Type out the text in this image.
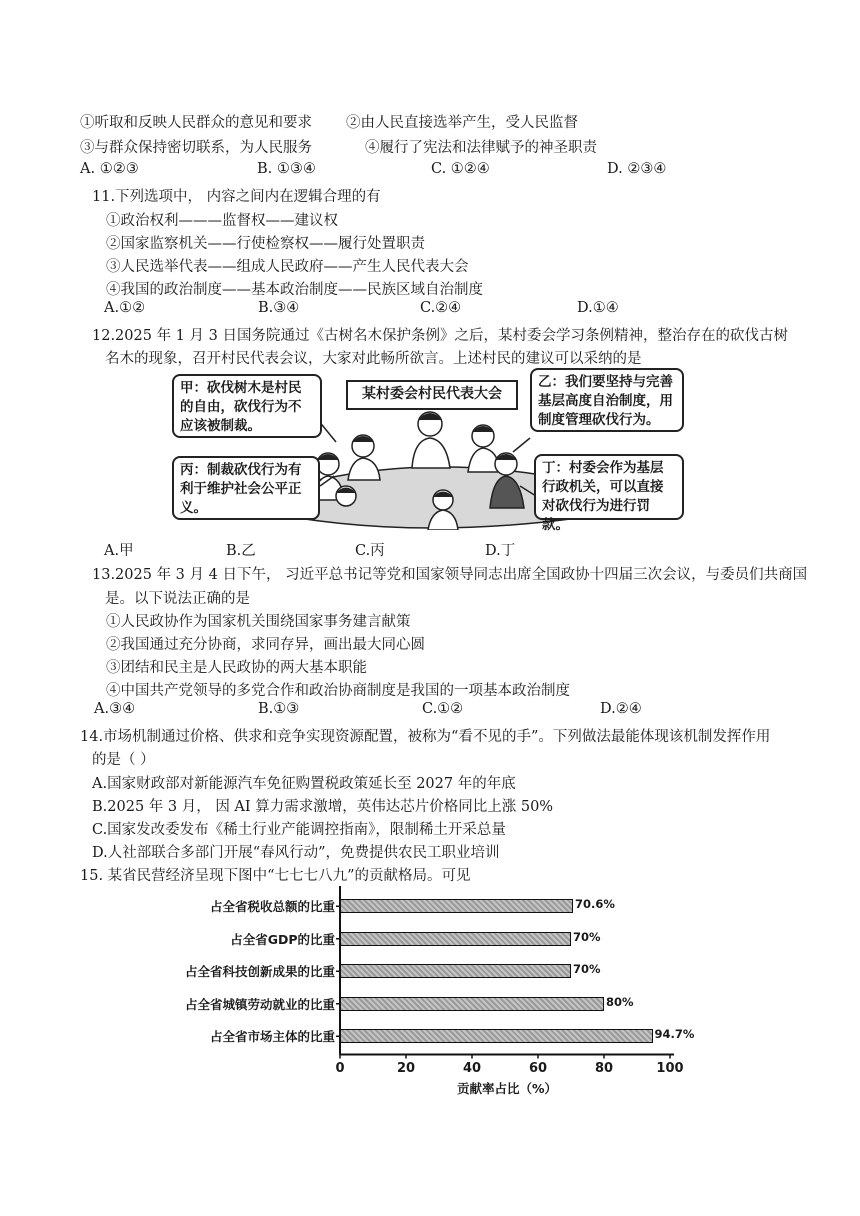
①听取和反映人民群众的意见和要求 ②由人民直接选举产生，受人民监督
③与群众保持密切联系，为人民服务	④履行了宪法和法律赋予的神圣职责
A. ①②③	B. ①③④	C. ①②④	D. ②③④
11.下列选项中， 内容之间内在逻辑合理的有
①政治权利———监督权——建议权
②国家监察机关——行使检察权——履行处置职责
③人民选举代表——组成人民政府——产生人民代表大会
④我国的政治制度——基本政治制度——民族区域自治制度
A.①②	B.③④	C.②④	D.①④
12.2025 年 1 月 3 日国务院通过《古树名木保护条例》之后，某村委会学习条例精神，整治存在的砍伐古树
名木的现象，召开村民代表会议，大家对此畅所欲言。上述村民的建议可以采纳的是
某村委会村民代表大会
甲：砍伐树木是村民的自由，砍伐行为不应该被制裁。
乙：我们要坚持与完善基层高度自治制度，用制度管理砍伐行为。
丙：制裁砍伐行为有利于维护社会公平正义。
丁：村委会作为基层行政机关，可以直接对砍伐行为进行罚款。
A.甲	B.乙	C.丙	D.丁
13.2025 年 3 月 4 日下午， 习近平总书记等党和国家领导同志出席全国政协十四届三次会议，与委员们共商国
是。以下说法正确的是
①人民政协作为国家机关围绕国家事务建言献策
②我国通过充分协商，求同存异，画出最大同心圆
③团结和民主是人民政协的两大基本职能
④中国共产党领导的多党合作和政治协商制度是我国的一项基本政治制度
A.③④	B.①③	C.①②	D.②④
14.市场机制通过价格、供求和竞争实现资源配置，被称为“看不见的手”。下列做法最能体现该机制发挥作用
的是（ ）
A.国家财政部对新能源汽车免征购置税政策延长至 2027 年的年底
B.2025 年 3 月， 因 AI 算力需求激增，英伟达芯片价格同比上涨 50%
C.国家发改委发布《稀土行业产能调控指南》，限制稀土开采总量
D.人社部联合多部门开展“春风行动”，免费提供农民工职业培训
15. 某省民营经济呈现下图中“七七七八九”的贡献格局。可见
占全省税收总额的比重	70.6%
占全省GDP的比重	70%
占全省科技创新成果的比重	70%
占全省城镇劳动就业的比重	80%
占全省市场主体的比重	94.7%
0	20	40	60	80	100
贡献率占比（%）
